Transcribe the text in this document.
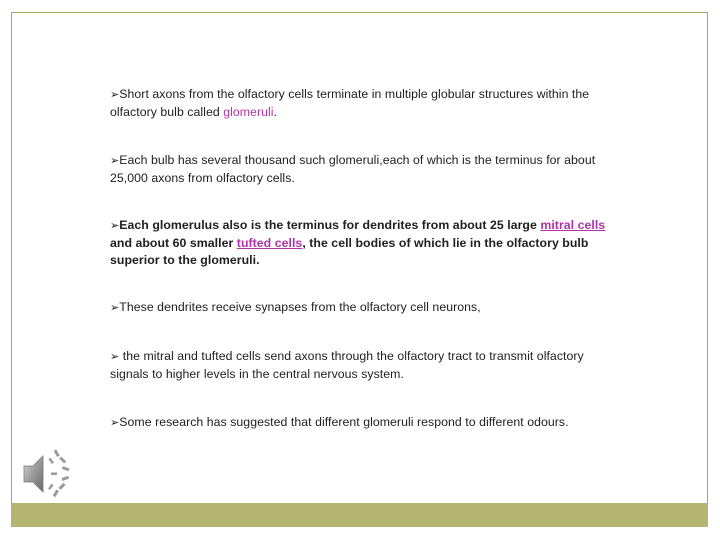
➢Short axons from the olfactory cells terminate in multiple globular structures within the olfactory bulb called glomeruli.
➢Each bulb has several thousand such glomeruli,each of which is the terminus for about 25,000 axons from olfactory cells.
➢Each glomerulus also is the terminus for dendrites from about 25 large mitral cells and about 60 smaller tufted cells, the cell bodies of which lie in the olfactory bulb superior to the glomeruli.
➢These dendrites receive synapses from the olfactory cell neurons,
➢ the mitral and tufted cells send axons through the olfactory tract to transmit olfactory signals to higher levels in the central nervous system.
➢Some research has suggested that different glomeruli respond to different odours.
